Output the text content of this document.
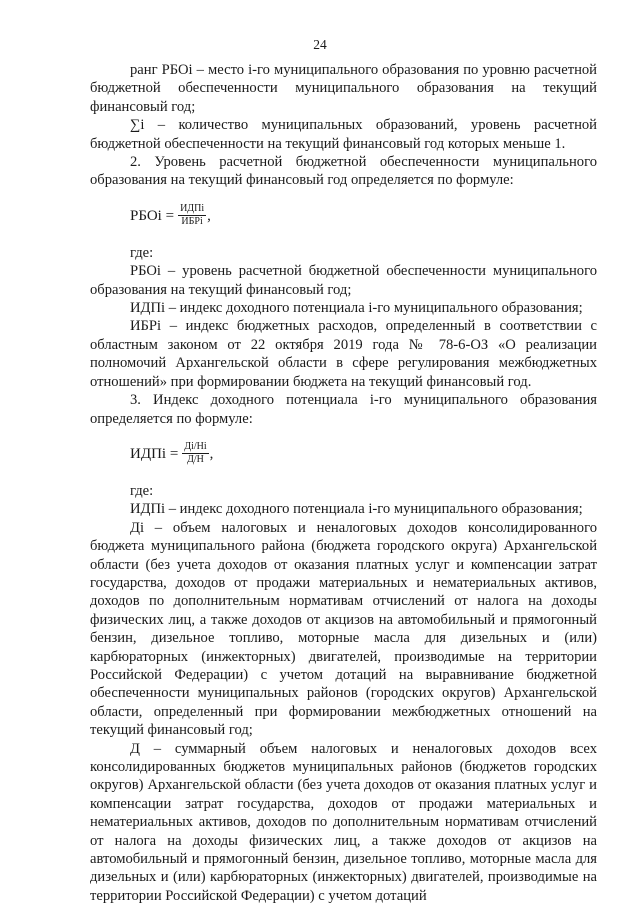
24

ранг РБОi – место i-го муниципального образования по уровню расчетной бюджетной обеспеченности муниципального образования на текущий финансовый год;

∑i – количество муниципальных образований, уровень расчетной бюджетной обеспеченности на текущий финансовый год которых меньше 1.

2. Уровень расчетной бюджетной обеспеченности муниципального образования на текущий финансовый год определяется по формуле:

РБОi = $\frac{\text{ИДПi}}{\text{ИБРi}}$ ,

где:

РБОi – уровень расчетной бюджетной обеспеченности муниципального образования на текущий финансовый год;

ИДПi – индекс доходного потенциала i-го муниципального образования;

ИБРi – индекс бюджетных расходов, определенный в соответствии с областным законом от 22 октября 2019 года № 78-6-ОЗ «О реализации полномочий Архангельской области в сфере регулирования межбюджетных отношений» при формировании бюджета на текущий финансовый год.

3. Индекс доходного потенциала i-го муниципального образования определяется по формуле:

ИДПi = $\frac{Дi/Hi}{Д/Н}$ ,

где:

ИДПi – индекс доходного потенциала i-го муниципального образования;

Дi – объем налоговых и неналоговых доходов консолидированного бюджета муниципального района (бюджета городского округа) Архангельской области (без учета доходов от оказания платных услуг и компенсации затрат государства, доходов от продажи материальных и нематериальных активов, доходов по дополнительным нормативам отчислений от налога на доходы физических лиц, а также доходов от акцизов на автомобильный и прямогонный бензин, дизельное топливо, моторные масла для дизельных и (или) карбюраторных (инжекторных) двигателей, производимые на территории Российской Федерации) с учетом дотаций на выравнивание бюджетной обеспеченности муниципальных районов (городских округов) Архангельской области, определенный при формировании межбюджетных отношений на текущий финансовый год;

Д – суммарный объем налоговых и неналоговых доходов всех консолидированных бюджетов муниципальных районов (бюджетов городских округов) Архангельской области (без учета доходов от оказания платных услуг и компенсации затрат государства, доходов от продажи материальных и нематериальных активов, доходов по дополнительным нормативам отчислений от налога на доходы физических лиц, а также доходов от акцизов на автомобильный и прямогонный бензин, дизельное топливо, моторные масла для дизельных и (или) карбюраторных (инжекторных) двигателей, производимые на территории Российской Федерации) с учетом дотаций
